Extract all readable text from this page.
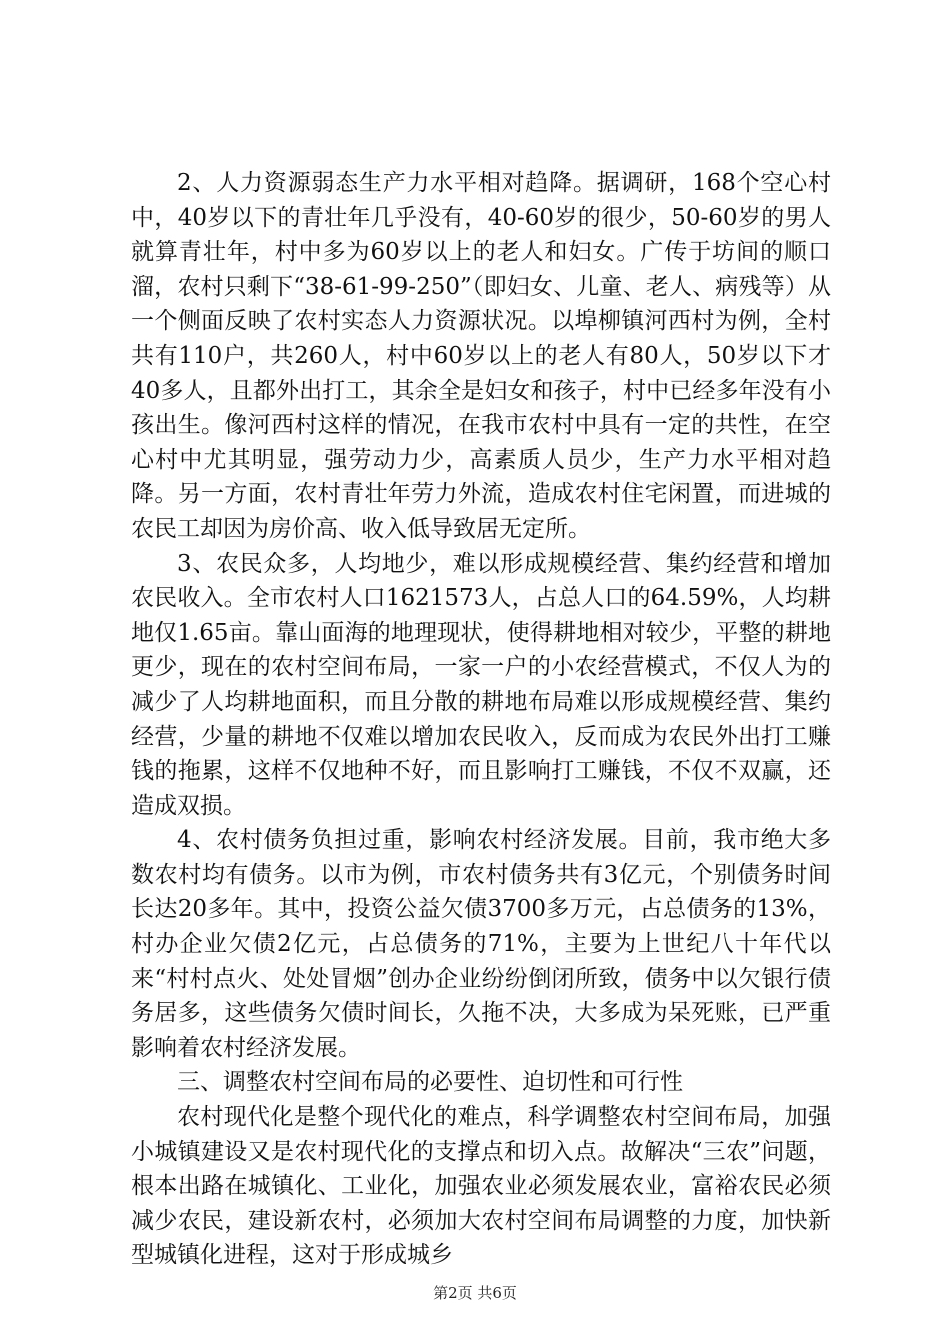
2、人力资源弱态生产力水平相对趋降。据调研，168个空心村中，40岁以下的青壮年几乎没有，40-60岁的很少，50-60岁的男人就算青壮年，村中多为60岁以上的老人和妇女。广传于坊间的顺口溜，农村只剩下“38-61-99-250”（即妇女、儿童、老人、病残等）从一个侧面反映了农村实态人力资源状况。以埠柳镇河西村为例，全村共有110户，共260人，村中60岁以上的老人有80人，50岁以下才40多人，且都外出打工，其余全是妇女和孩子，村中已经多年没有小孩出生。像河西村这样的情况，在我市农村中具有一定的共性，在空心村中尤其明显，强劳动力少，高素质人员少，生产力水平相对趋降。另一方面，农村青壮年劳力外流，造成农村住宅闲置，而进城的农民工却因为房价高、收入低导致居无定所。

3、农民众多，人均地少，难以形成规模经营、集约经营和增加农民收入。全市农村人口1621573人，占总人口的64.59%，人均耕地仅1.65亩。靠山面海的地理现状，使得耕地相对较少，平整的耕地更少，现在的农村空间布局，一家一户的小农经营模式，不仅人为的减少了人均耕地面积，而且分散的耕地布局难以形成规模经营、集约经营，少量的耕地不仅难以增加农民收入，反而成为农民外出打工赚钱的拖累，这样不仅地种不好，而且影响打工赚钱，不仅不双赢，还造成双损。

4、农村债务负担过重，影响农村经济发展。目前，我市绝大多数农村均有债务。以市为例，市农村债务共有3亿元，个别债务时间长达20多年。其中，投资公益欠债3700多万元，占总债务的13%，村办企业欠债2亿元，占总债务的71%，主要为上世纪八十年代以来“村村点火、处处冒烟”创办企业纷纷倒闭所致，债务中以欠银行债务居多，这些债务欠债时间长，久拖不决，大多成为呆死账，已严重影响着农村经济发展。

三、调整农村空间布局的必要性、迫切性和可行性

农村现代化是整个现代化的难点，科学调整农村空间布局，加强小城镇建设又是农村现代化的支撑点和切入点。故解决“三农”问题，根本出路在城镇化、工业化，加强农业必须发展农业，富裕农民必须减少农民，建设新农村，必须加大农村空间布局调整的力度，加快新型城镇化进程，这对于形成城乡

第2页 共6页
